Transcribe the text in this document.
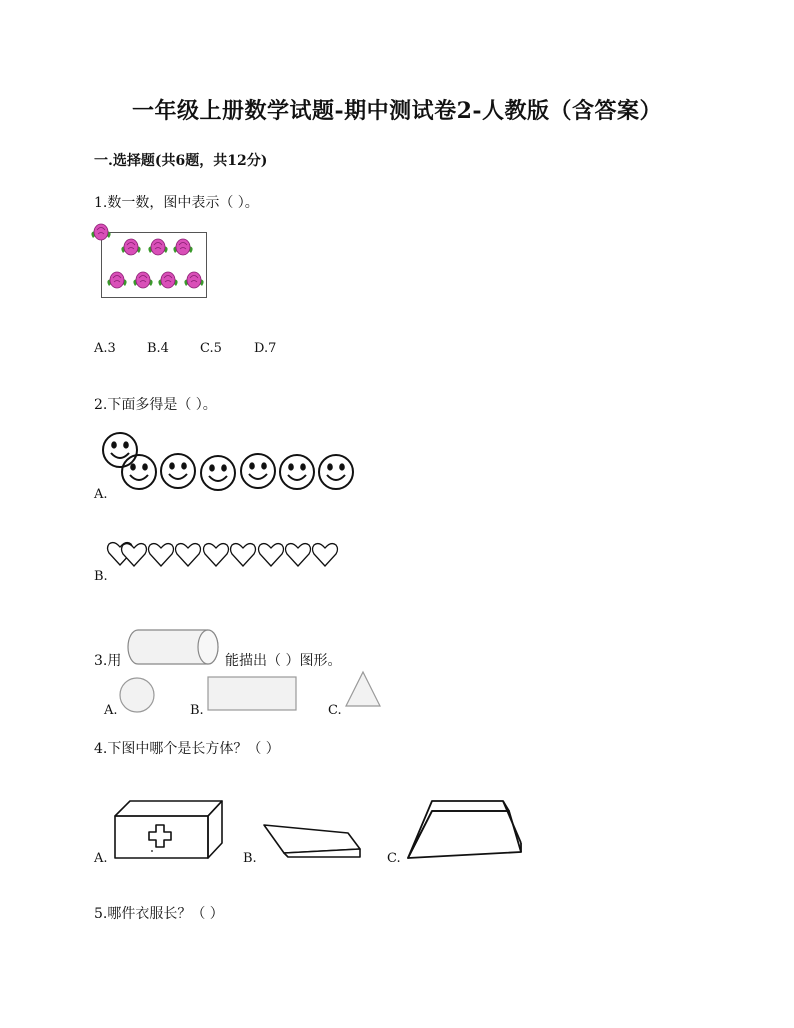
一年级上册数学试题-期中测试卷2-人教版（含答案）
一.选择题(共6题，共12分)
1.数一数，图中表示（ ）。
A.3 B.4 C.5 D.7
2.下面多得是（ ）。
A.
B.
3.用	能描出（ ）图形。
A.	B.	C.
4.下图中哪个是长方体？（ ）
A.	B.	C.
5.哪件衣服长？（ ）
